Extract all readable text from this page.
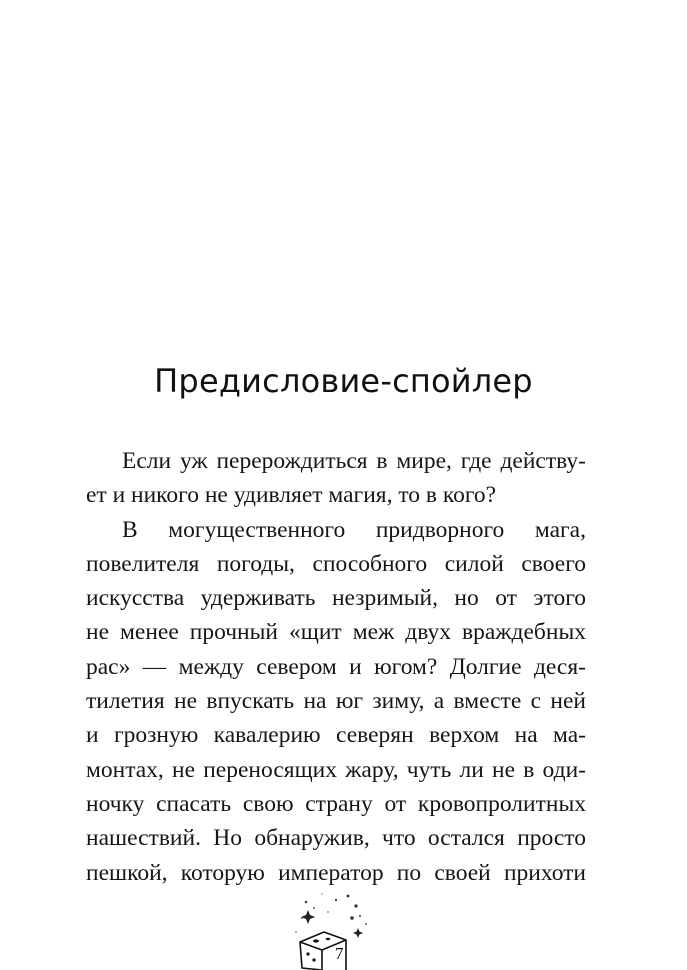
Предисловие-спойлер
Если уж перерождиться в мире, где действу-
ет и никого не удивляет магия, то в кого?
В могущественного придворного мага,
повелителя погоды, способного силой своего
искусства удерживать незримый, но от этого
не менее прочный «щит меж двух враждебных
рас» — между севером и югом? Долгие деся-
тилетия не впускать на юг зиму, а вместе с ней
и грозную кавалерию северян верхом на ма-
монтах, не переносящих жару, чуть ли не в оди-
ночку спасать свою страну от кровопролитных
нашествий. Но обнаружив, что остался просто
пешкой, которую император по своей прихоти
7
